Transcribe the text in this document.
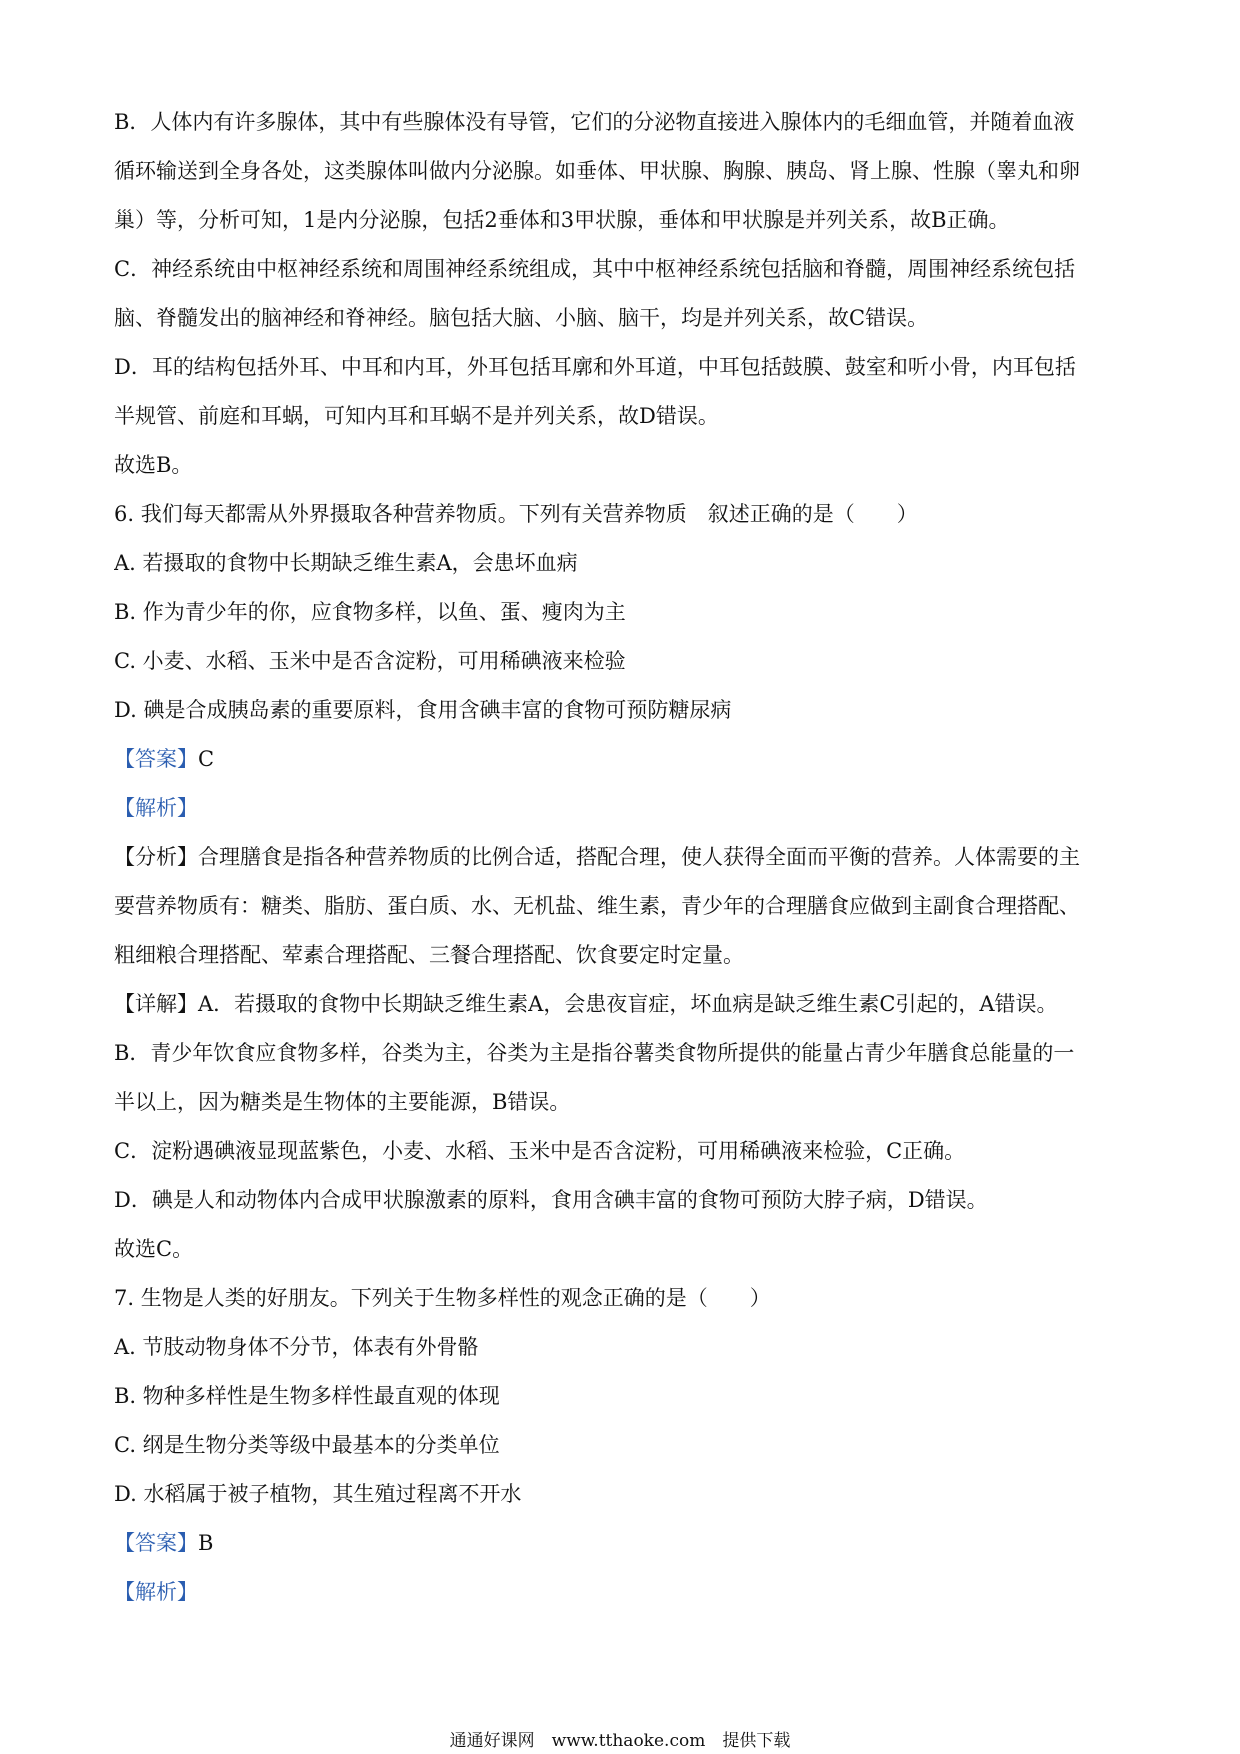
B．人体内有许多腺体，其中有些腺体没有导管，它们的分泌物直接进入腺体内的毛细血管，并随着血液
循环输送到全身各处，这类腺体叫做内分泌腺。如垂体、甲状腺、胸腺、胰岛、肾上腺、性腺（睾丸和卵
巢）等，分析可知，1是内分泌腺，包括2垂体和3甲状腺，垂体和甲状腺是并列关系，故B正确。
C．神经系统由中枢神经系统和周围神经系统组成，其中中枢神经系统包括脑和脊髓，周围神经系统包括
脑、脊髓发出的脑神经和脊神经。脑包括大脑、小脑、脑干，均是并列关系，故C错误。
D．耳的结构包括外耳、中耳和内耳，外耳包括耳廓和外耳道，中耳包括鼓膜、鼓室和听小骨，内耳包括
半规管、前庭和耳蜗，可知内耳和耳蜗不是并列关系，故D错误。
故选B。
6. 我们每天都需从外界摄取各种营养物质。下列有关营养物质　叙述正确的是（　　）
A. 若摄取的食物中长期缺乏维生素A，会患坏血病
B. 作为青少年的你，应食物多样，以鱼、蛋、瘦肉为主
C. 小麦、水稻、玉米中是否含淀粉，可用稀碘液来检验
D. 碘是合成胰岛素的重要原料，食用含碘丰富的食物可预防糖尿病
【答案】C
【解析】
【分析】合理膳食是指各种营养物质的比例合适，搭配合理，使人获得全面而平衡的营养。人体需要的主
要营养物质有：糖类、脂肪、蛋白质、水、无机盐、维生素，青少年的合理膳食应做到主副食合理搭配、
粗细粮合理搭配、荤素合理搭配、三餐合理搭配、饮食要定时定量。
【详解】A．若摄取的食物中长期缺乏维生素A，会患夜盲症，坏血病是缺乏维生素C引起的，A错误。
B．青少年饮食应食物多样，谷类为主，谷类为主是指谷薯类食物所提供的能量占青少年膳食总能量的一
半以上，因为糖类是生物体的主要能源，B错误。
C．淀粉遇碘液显现蓝紫色，小麦、水稻、玉米中是否含淀粉，可用稀碘液来检验，C正确。
D．碘是人和动物体内合成甲状腺激素的原料，食用含碘丰富的食物可预防大脖子病，D错误。
故选C。
7. 生物是人类的好朋友。下列关于生物多样性的观念正确的是（　　）
A. 节肢动物身体不分节，体表有外骨骼
B. 物种多样性是生物多样性最直观的体现
C. 纲是生物分类等级中最基本的分类单位
D. 水稻属于被子植物，其生殖过程离不开水
【答案】B
【解析】
通通好课网　www.tthaoke.com　提供下载
